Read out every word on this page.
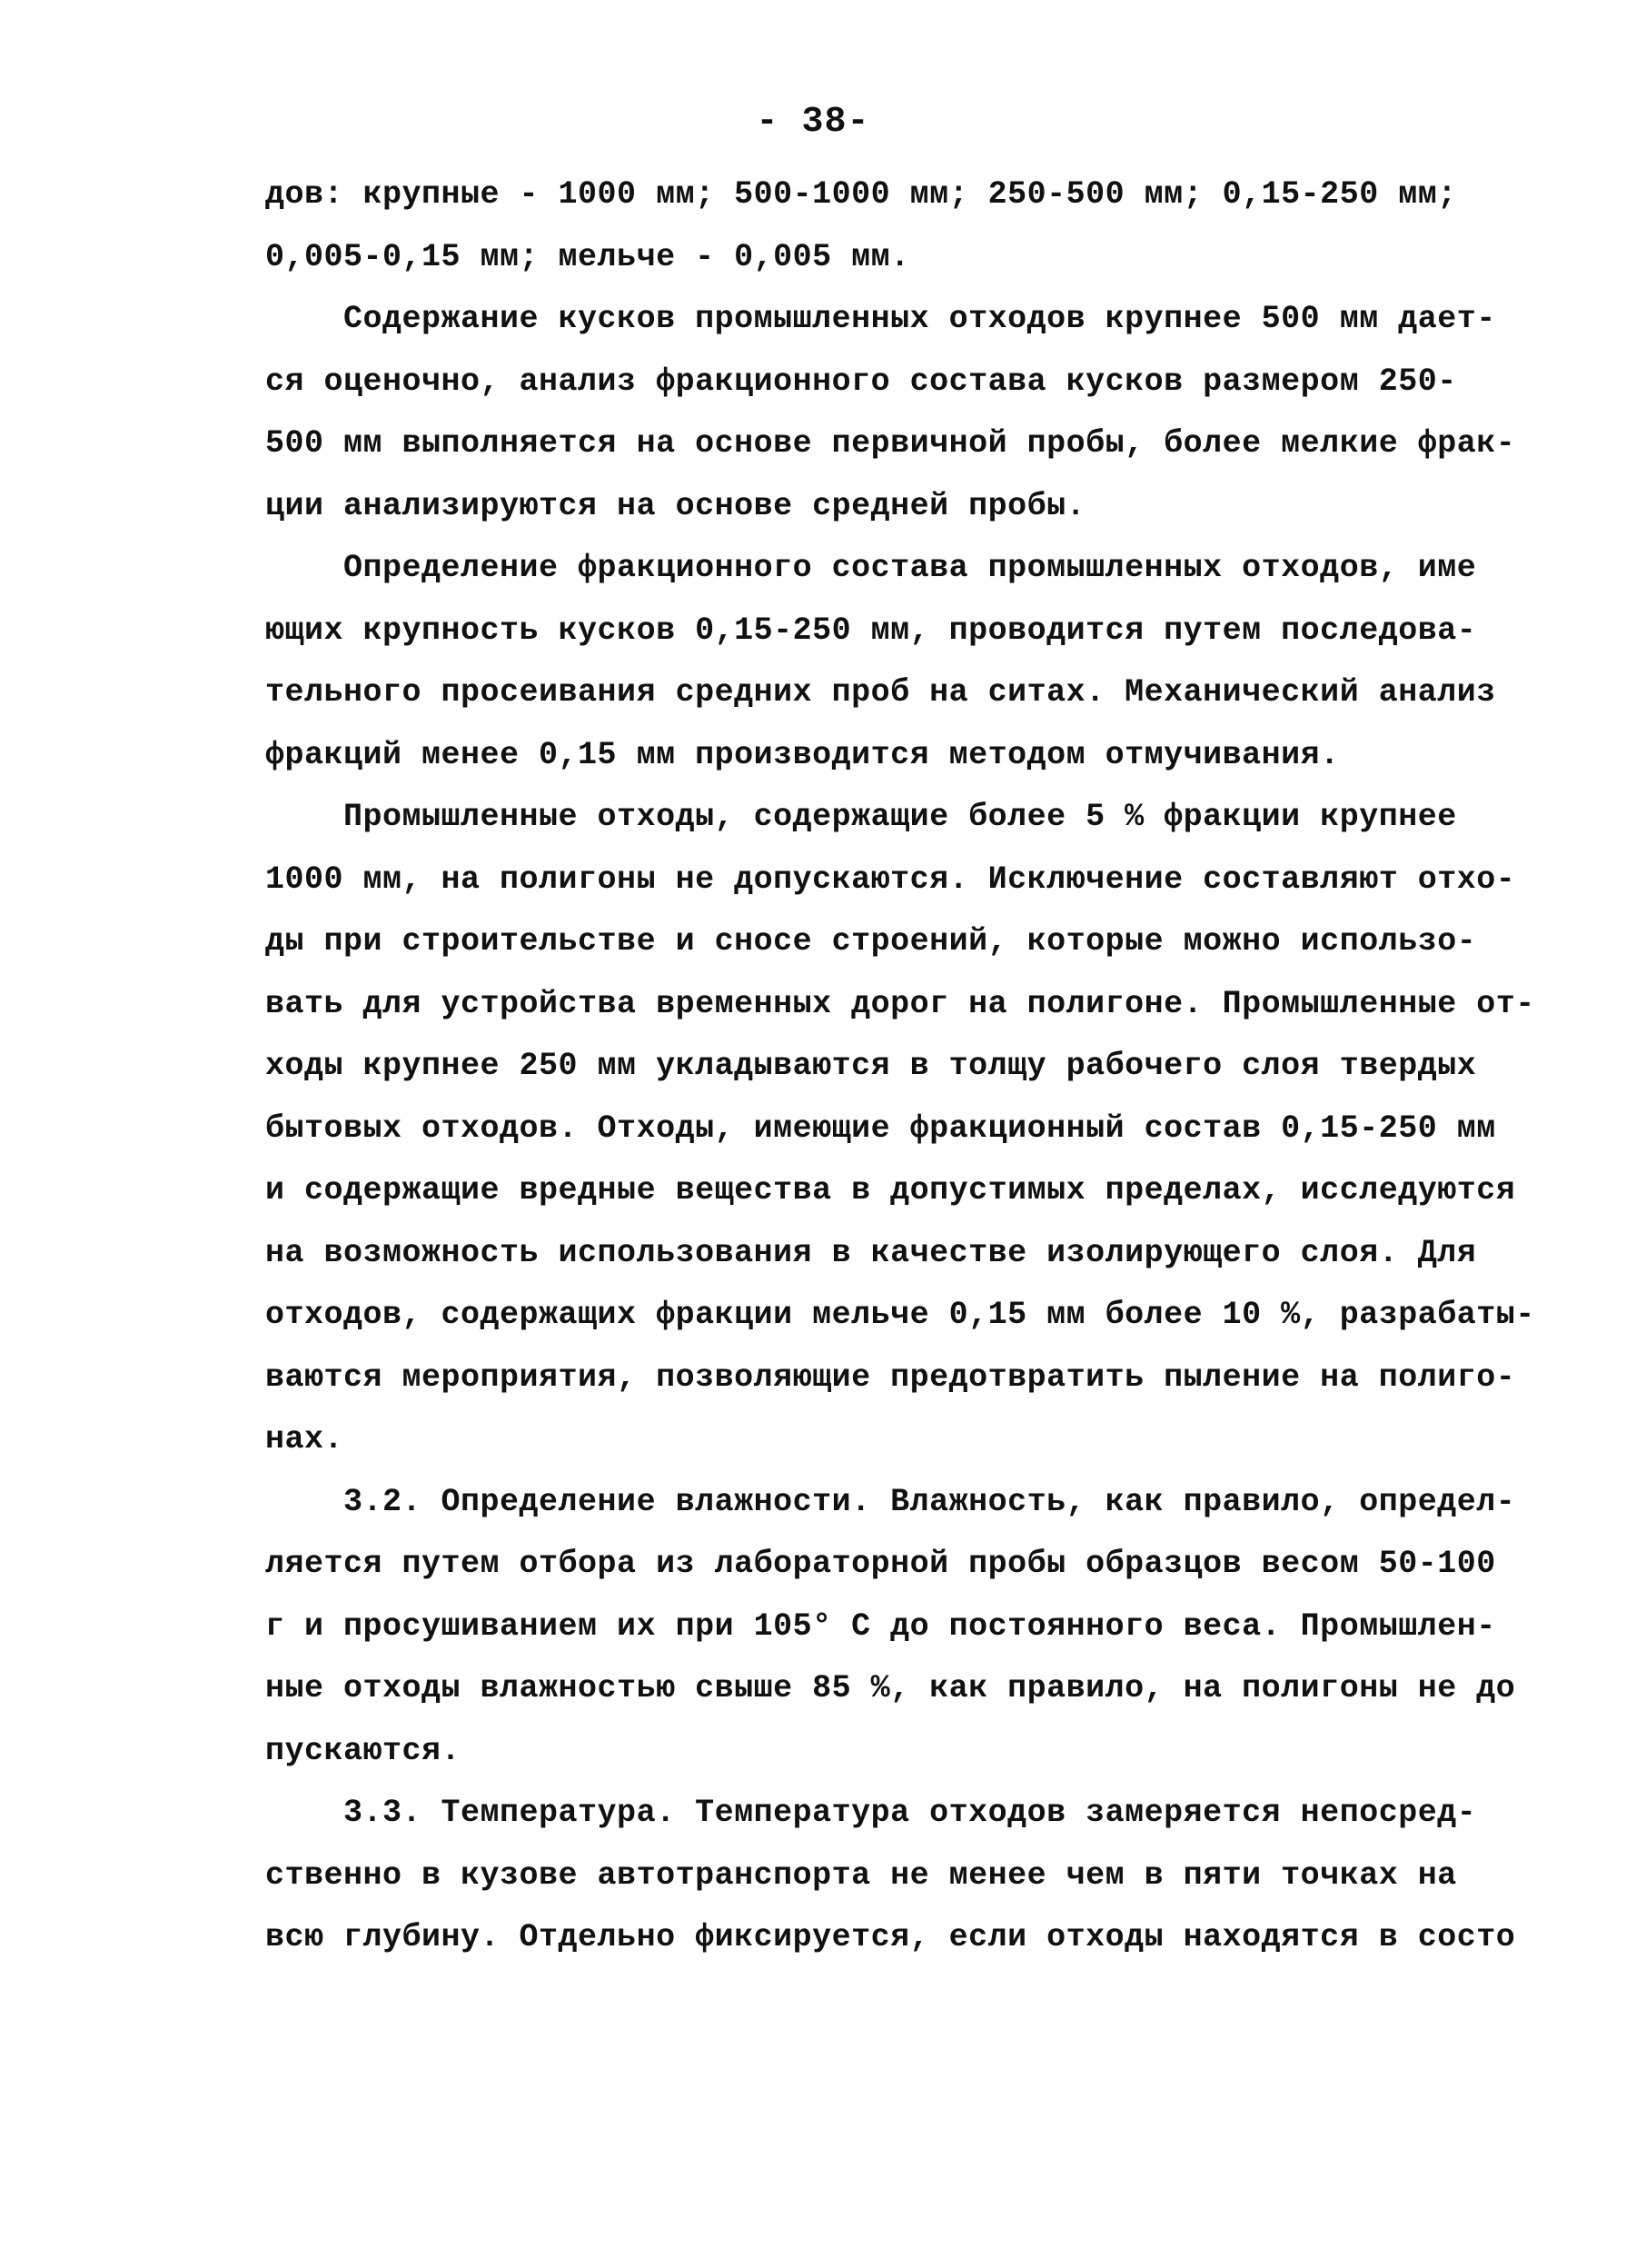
- 38-
дов: крупные - 1000 мм; 500-1000 мм; 250-500 мм; 0,15-250 мм;
0,005-0,15 мм; мельче - 0,005 мм.
Содержание кусков промышленных отходов крупнее 500 мм дает-
ся оценочно, анализ фракционного состава кусков размером 250-
500 мм выполняется на основе первичной пробы, более мелкие фрак-
ции анализируются на основе средней пробы.
Определение фракционного состава промышленных отходов, име
ющих крупность кусков 0,15-250 мм, проводится путем последова-
тельного просеивания средних проб на ситах. Механический анализ
фракций менее 0,15 мм производится методом отмучивания.
Промышленные отходы, содержащие более 5 % фракции крупнее
1000 мм, на полигоны не допускаются. Исключение составляют отхо-
ды при строительстве и сносе строений, которые можно использо-
вать для устройства временных дорог на полигоне. Промышленные от-
ходы крупнее 250 мм укладываются в толщу рабочего слоя твердых
бытовых отходов. Отходы, имеющие фракционный состав 0,15-250 мм
и содержащие вредные вещества в допустимых пределах, исследуются
на возможность использования в качестве изолирующего слоя. Для
отходов, содержащих фракции мельче 0,15 мм более 10 %, разрабаты-
ваются мероприятия, позволяющие предотвратить пыление на полиго-
нах.
3.2. Определение влажности. Влажность, как правило, определ-
ляется путем отбора из лабораторной пробы образцов весом 50-100
г и просушиванием их при 105° С до постоянного веса. Промышлен-
ные отходы влажностью свыше 85 %, как правило, на полигоны не до
пускаются.
3.3. Температура. Температура отходов замеряется непосред-
ственно в кузове автотранспорта не менее чем в пяти точках на
всю глубину. Отдельно фиксируется, если отходы находятся в состо
